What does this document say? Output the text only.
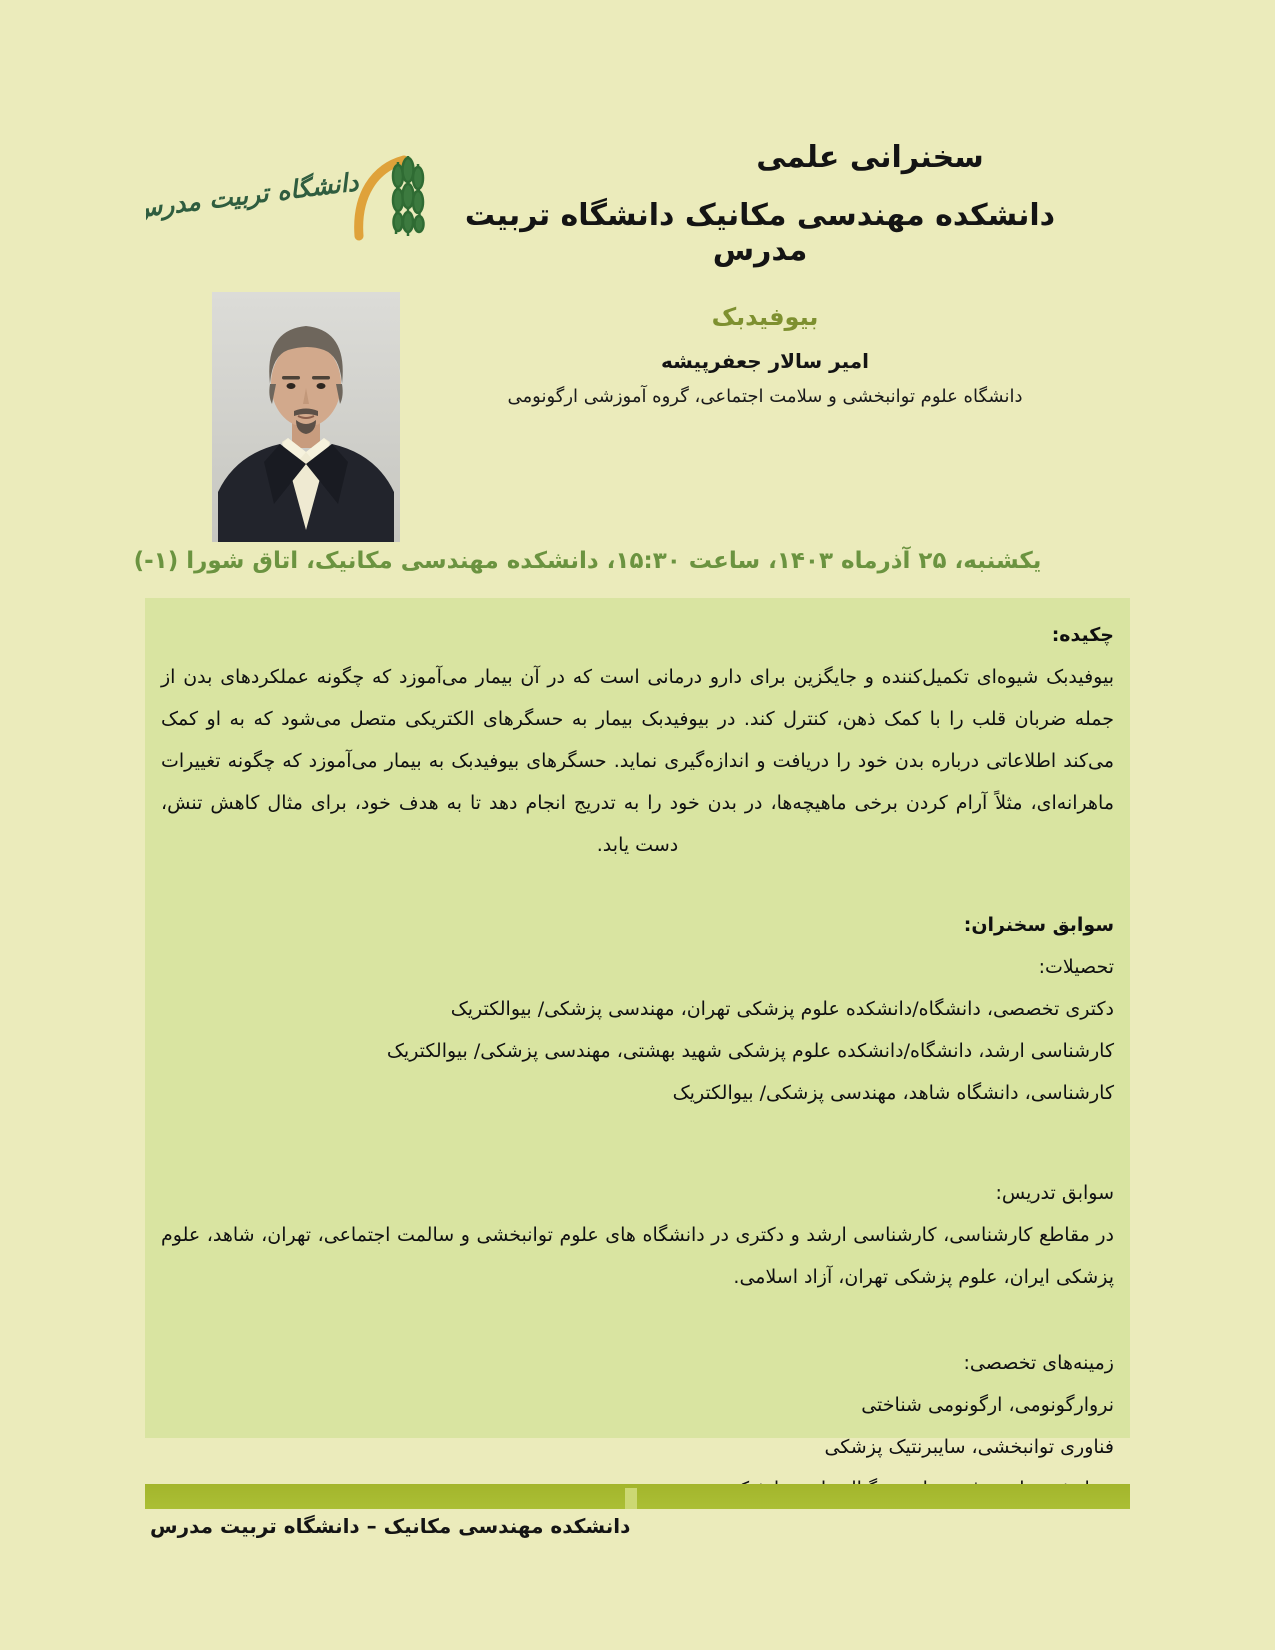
دانشگاه تربیت مدرس
سخنرانی علمی
دانشکده مهندسی مکانیک دانشگاه تربیت مدرس
بیوفیدبک
امیر سالار جعفرپیشه
دانشگاه علوم توانبخشی و سلامت اجتماعی، گروه آموزشی ارگونومی
یکشنبه، ۲۵ آذرماه ۱۴۰۳، ساعت ۱۵:۳۰، دانشکده مهندسی مکانیک، اتاق شورا (۱-)
چکیده:
بیوفیدبک شیوه‌ای تکمیل‌کننده و جایگزین برای دارو درمانی است که در آن بیمار می‌آموزد که چگونه عملکردهای بدن از جمله ضربان قلب را با کمک ذهن، کنترل کند. در بیوفیدبک بیمار به حسگرهای الکتریکی متصل می‌شود که به او کمک می‌کند اطلاعاتی درباره بدن خود را دریافت و اندازه‌گیری نماید. حسگرهای بیوفیدبک به بیمار می‌آموزد که چگونه تغییرات ماهرانه‌ای، مثلاً آرام کردن برخی ماهیچه‌ها، در بدن خود را به تدریج انجام دهد تا به هدف خود، برای مثال کاهش تنش، دست یابد.
سوابق سخنران:
تحصیلات:
دکتری تخصصی، دانشگاه/دانشکده علوم پزشکی تهران، مهندسی پزشکی/ بیوالکتریک
کارشناسی ارشد، دانشگاه/دانشکده علوم پزشکی شهید بهشتی، مهندسی پزشکی/ بیوالکتریک
کارشناسی، دانشگاه شاهد، مهندسی پزشکی/ بیوالکتریک
سوابق تدریس:
در مقاطع کارشناسی، کارشناسی ارشد و دکتری در دانشگاه های علوم توانبخشی و سالمت اجتماعی، تهران، شاهد، علوم پزشکی ایران، علوم پزشکی تهران، آزاد اسلامی.
زمینه‌های تخصصی:
نروارگونومی، ارگونومی شناختی
فناوری توانبخشی، سایبرنتیک پزشکی
دانشکده مهندسی مکانیک – دانشگاه تربیت مدرس
